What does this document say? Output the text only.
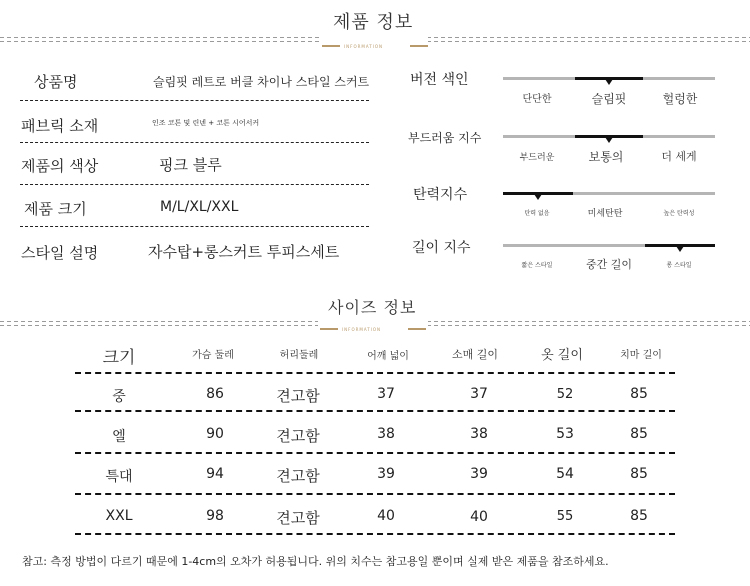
제품 정보
INFORMATION
상품명	슬림핏 레트로 버클 차이나 스타일 스커트
패브릭 소재	인조 코튼 및 린넨 + 코튼 시어서커
제품의 색상	핑크 블루
제품 크기	M/L/XL/XXL
스타일 설명	자수탑+롱스커트 투피스세트
버전 색인
단단한	슬림핏	헐렁한
부드러움 지수
부드러운	보통의	더 세게
탄력지수
탄력 없음	미세탄탄	높은 탄력성
길이 지수
짧은 스타일	중간 길이	롱 스타일
사이즈 정보
INFORMATION
크기	가슴 둘레	허리둘레	어깨 넓이	소매 길이	옷 길이	치마 길이
중	86	견고함	37	37	52	85
엘	90	견고함	38	38	53	85
특대	94	견고함	39	39	54	85
XXL	98	견고함	40	40	55	85
참고: 측정 방법이 다르기 때문에 1-4cm의 오차가 허용됩니다. 위의 치수는 참고용일 뿐이며 실제 받은 제품을 참조하세요.
